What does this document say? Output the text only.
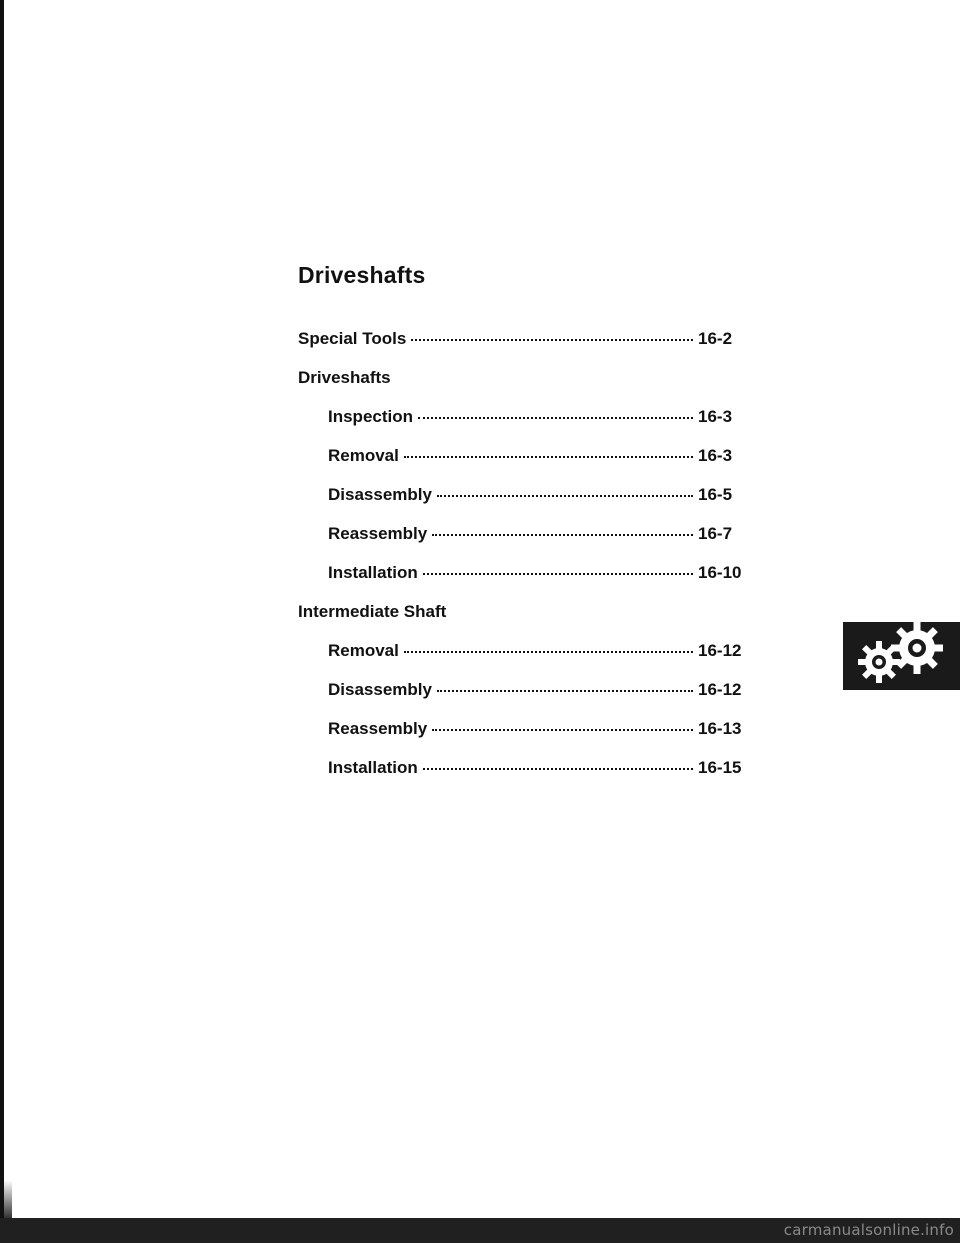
Driveshafts
Special Tools	16-2
Driveshafts
Inspection	16-3
Removal	16-3
Disassembly	16-5
Reassembly	16-7
Installation	16-10
Intermediate Shaft
Removal	16-12
Disassembly	16-12
Reassembly	16-13
Installation	16-15
carmanualsonline.info
